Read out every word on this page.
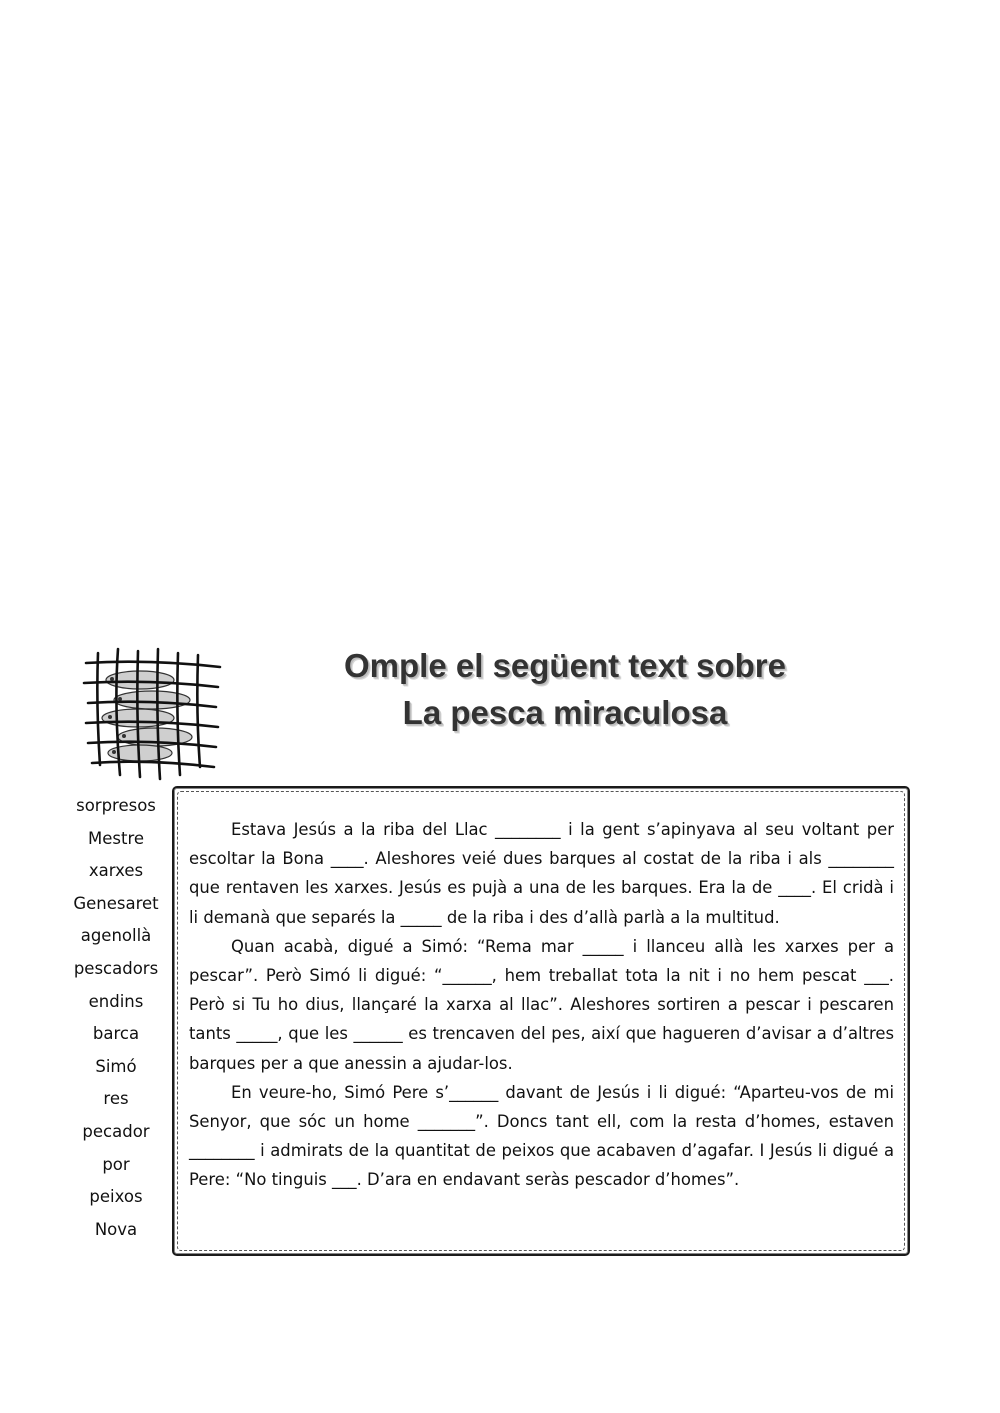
Omple el següent text sobre
La pesca miraculosa
sorpresos
Mestre
xarxes
Genesaret
agenollà
pescadors
endins
barca
Simó
res
pecador
por
peixos
Nova

Estava Jesús a la riba del Llac ________ i la gent s’apinyava al seu voltant per escoltar la Bona ____. Aleshores veié dues barques al costat de la riba i als ________ que rentaven les xarxes. Jesús es pujà a una de les barques. Era la de ____. El cridà i li demanà que separés la _____ de la riba i des d’allà parlà a la multitud.

Quan acabà, digué a Simó: “Rema mar _____ i llanceu allà les xarxes per a pescar”. Però Simó li digué: “______, hem treballat tota la nit i no hem pescat ___. Però si Tu ho dius, llançaré la xarxa al llac”. Aleshores sortiren a pescar i pescaren tants _____, que les ______ es trencaven del pes, així que hagueren d’avisar a d’altres barques per a que anessin a ajudar-los.

En veure-ho, Simó Pere s’______ davant de Jesús i li digué: “Aparteu-vos de mi Senyor, que sóc un home _______”. Doncs tant ell, com la resta d’homes, estaven ________ i admirats de la quantitat de peixos que acabaven d’agafar. I Jesús li digué a Pere: “No tinguis ___. D’ara en endavant seràs pescador d’homes”.
